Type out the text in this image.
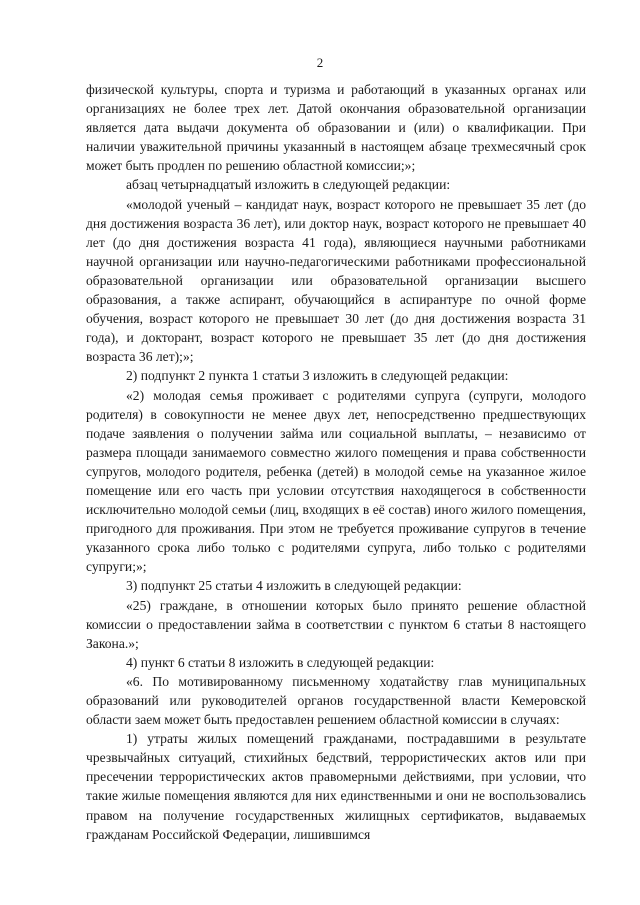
2

физической культуры, спорта и туризма и работающий в указанных органах или организациях не более трех лет. Датой окончания образовательной организации является дата выдачи документа об образовании и (или) о квалификации. При наличии уважительной причины указанный в настоящем абзаце трехмесячный срок может быть продлен по решению областной комиссии;»;

абзац четырнадцатый изложить в следующей редакции:

«молодой ученый – кандидат наук, возраст которого не превышает 35 лет (до дня достижения возраста 36 лет), или доктор наук, возраст которого не превышает 40 лет (до дня достижения возраста 41 года), являющиеся научными работниками научной организации или научно-педагогическими работниками профессиональной образовательной организации или образовательной организации высшего образования, а также аспирант, обучающийся в аспирантуре по очной форме обучения, возраст которого не превышает 30 лет (до дня достижения возраста 31 года), и докторант, возраст которого не превышает 35 лет (до дня достижения возраста 36 лет);»;

2) подпункт 2 пункта 1 статьи 3 изложить в следующей редакции:

«2) молодая семья проживает с родителями супруга (супруги, молодого родителя) в совокупности не менее двух лет, непосредственно предшествующих подаче заявления о получении займа или социальной выплаты, – независимо от размера площади занимаемого совместно жилого помещения и права собственности супругов, молодого родителя, ребенка (детей) в молодой семье на указанное жилое помещение или его часть при условии отсутствия находящегося в собственности исключительно молодой семьи (лиц, входящих в её состав) иного жилого помещения, пригодного для проживания. При этом не требуется проживание супругов в течение указанного срока либо только с родителями супруга, либо только с родителями супруги;»;

3) подпункт 25 статьи 4 изложить в следующей редакции:

«25) граждане, в отношении которых было принято решение областной комиссии о предоставлении займа в соответствии с пунктом 6 статьи 8 настоящего Закона.»;

4) пункт 6 статьи 8 изложить в следующей редакции:

«6. По мотивированному письменному ходатайству глав муниципальных образований или руководителей органов государственной власти Кемеровской области заем может быть предоставлен решением областной комиссии в случаях:

1) утраты жилых помещений гражданами, пострадавшими в результате чрезвычайных ситуаций, стихийных бедствий, террористических актов или при пресечении террористических актов правомерными действиями, при условии, что такие жилые помещения являются для них единственными и они не воспользовались правом на получение государственных жилищных сертификатов, выдаваемых гражданам Российской Федерации, лишившимся
